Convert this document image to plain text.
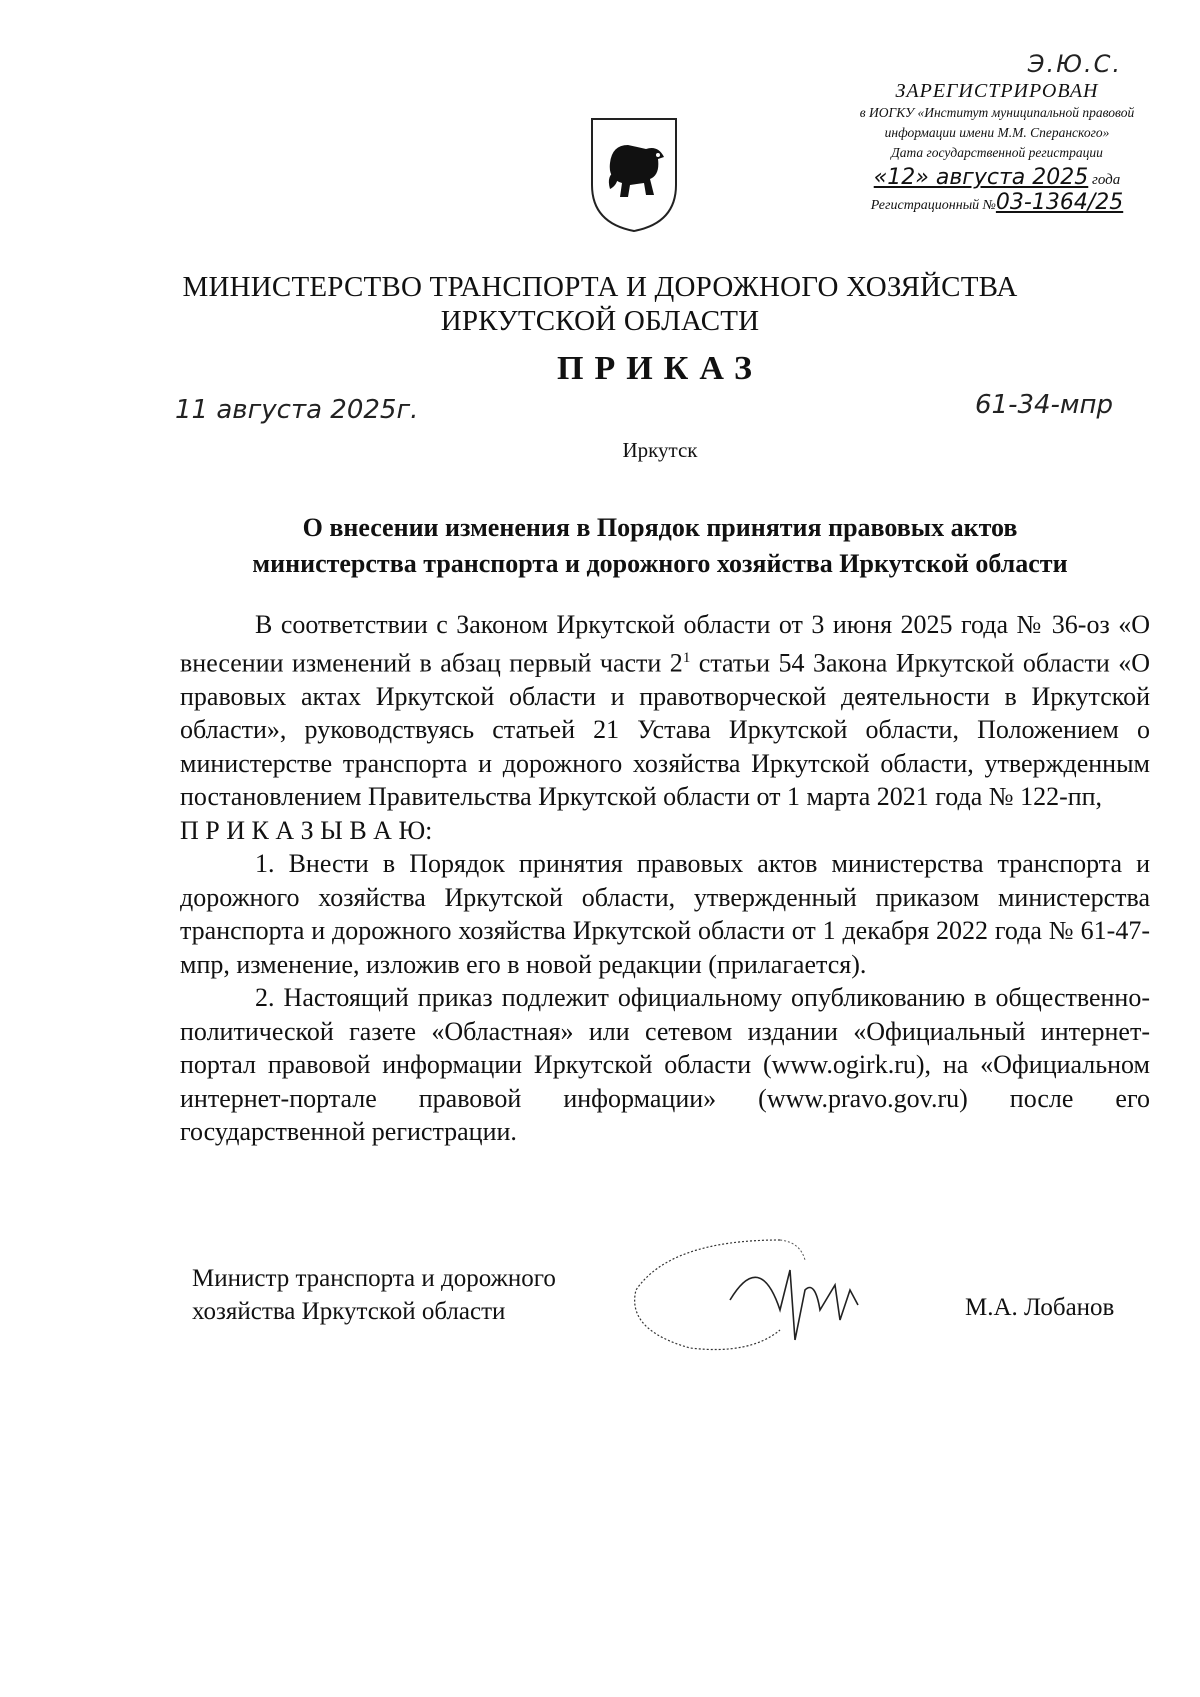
Э.Ю.С.
ЗАРЕГИСТРИРОВАН
в ИОГКУ «Институт муниципальной правовой
информации имени М.М. Сперанского»
Дата государственной регистрации
«12» августа 2025 года
Регистрационный №03-1364/25
МИНИСТЕРСТВО ТРАНСПОРТА И ДОРОЖНОГО ХОЗЯЙСТВА
ИРКУТСКОЙ ОБЛАСТИ
ПРИКАЗ
11 августа 2025г.	61-34-мпр
Иркутск
О внесении изменения в Порядок принятия правовых актов
министерства транспорта и дорожного хозяйства Иркутской области

В соответствии с Законом Иркутской области от 3 июня 2025 года № 36-оз «О внесении изменений в абзац первый части $2^1$ статьи 54 Закона Иркутской области «О правовых актах Иркутской области и правотворческой деятельности в Иркутской области», руководствуясь статьей 21 Устава Иркутской области, Положением о министерстве транспорта и дорожного хозяйства Иркутской области, утвержденным постановлением Правительства Иркутской области от 1 марта 2021 года № 122-пп,

П Р И К А З Ы В А Ю:

1. Внести в Порядок принятия правовых актов министерства транспорта и дорожного хозяйства Иркутской области, утвержденный приказом министерства транспорта и дорожного хозяйства Иркутской области от 1 декабря 2022 года № 61-47-мпр, изменение, изложив его в новой редакции (прилагается).

2. Настоящий приказ подлежит официальному опубликованию в общественно-политической газете «Областная» или сетевом издании «Официальный интернет-портал правовой информации Иркутской области (www.ogirk.ru), на «Официальном интернет-портале правовой информации» (www.pravo.gov.ru) после его государственной регистрации.

Министр транспорта и дорожного
хозяйства Иркутской области	М.А. Лобанов
